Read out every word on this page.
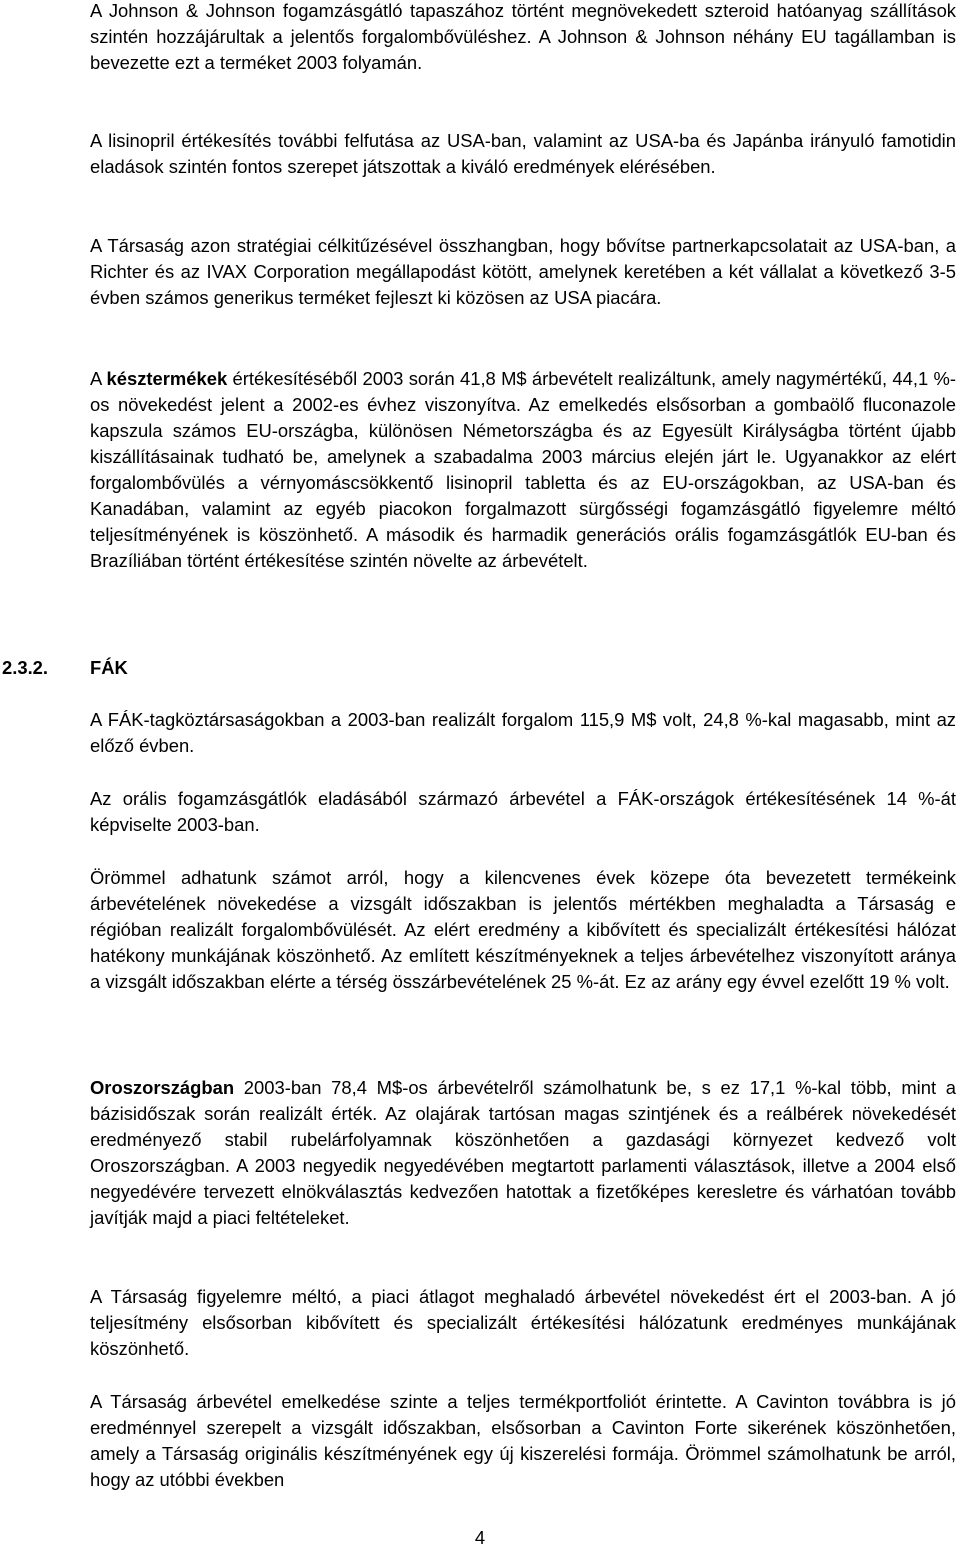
A Johnson & Johnson fogamzásgátló tapaszához történt megnövekedett szteroid hatóanyag szállítások szintén hozzájárultak a jelentős forgalombővüléshez. A Johnson & Johnson néhány EU tagállamban is bevezette ezt a terméket 2003 folyamán.

A lisinopril értékesítés további felfutása az USA-ban, valamint az USA-ba és Japánba irányuló famotidin eladások szintén fontos szerepet játszottak a kiváló eredmények elérésében.

A Társaság azon stratégiai célkitűzésével összhangban, hogy bővítse partnerkapcsolatait az USA-ban, a Richter és az IVAX Corporation megállapodást kötött, amelynek keretében a két vállalat a következő 3-5 évben számos generikus terméket fejleszt ki közösen az USA piacára.

A késztermékek értékesítéséből 2003 során 41,8 M$ árbevételt realizáltunk, amely nagymértékű, 44,1 %-os növekedést jelent a 2002-es évhez viszonyítva. Az emelkedés elsősorban a gombaölő fluconazole kapszula számos EU-országba, különösen Németországba és az Egyesült Királyságba történt újabb kiszállításainak tudható be, amelynek a szabadalma 2003 március elején járt le. Ugyanakkor az elért forgalombővülés a vérnyomáscsökkentő lisinopril tabletta és az EU-országokban, az USA-ban és Kanadában, valamint az egyéb piacokon forgalmazott sürgősségi fogamzásgátló figyelemre méltó teljesítményének is köszönhető. A második és harmadik generációs orális fogamzásgátlók EU-ban és Brazíliában történt értékesítése szintén növelte az árbevételt.

2.3.2. FÁK

A FÁK-tagköztársaságokban a 2003-ban realizált forgalom 115,9 M$ volt, 24,8 %-kal magasabb, mint az előző évben.

Az orális fogamzásgátlók eladásából származó árbevétel a FÁK-országok értékesítésének 14 %-át képviselte 2003-ban.

Örömmel adhatunk számot arról, hogy a kilencvenes évek közepe óta bevezetett termékeink árbevételének növekedése a vizsgált időszakban is jelentős mértékben meghaladta a Társaság e régióban realizált forgalombővülését. Az elért eredmény a kibővített és specializált értékesítési hálózat hatékony munkájának köszönhető. Az említett készítményeknek a teljes árbevételhez viszonyított aránya a vizsgált időszakban elérte a térség összárbevételének 25 %-át. Ez az arány egy évvel ezelőtt 19 % volt.

Oroszországban 2003-ban 78,4 M$-os árbevételről számolhatunk be, s ez 17,1 %-kal több, mint a bázisidőszak során realizált érték. Az olajárak tartósan magas szintjének és a reálbérek növekedését eredményező stabil rubelárfolyamnak köszönhetően a gazdasági környezet kedvező volt Oroszországban. A 2003 negyedik negyedévében megtartott parlamenti választások, illetve a 2004 első negyedévére tervezett elnökválasztás kedvezően hatottak a fizetőképes keresletre és várhatóan tovább javítják majd a piaci feltételeket.

A Társaság figyelemre méltó, a piaci átlagot meghaladó árbevétel növekedést ért el 2003-ban. A jó teljesítmény elsősorban kibővített és specializált értékesítési hálózatunk eredményes munkájának köszönhető.

A Társaság árbevétel emelkedése szinte a teljes termékportfoliót érintette. A Cavinton továbbra is jó eredménnyel szerepelt a vizsgált időszakban, elsősorban a Cavinton Forte sikerének köszönhetően, amely a Társaság originális készítményének egy új kiszerelési formája. Örömmel számolhatunk be arról, hogy az utóbbi években

4
